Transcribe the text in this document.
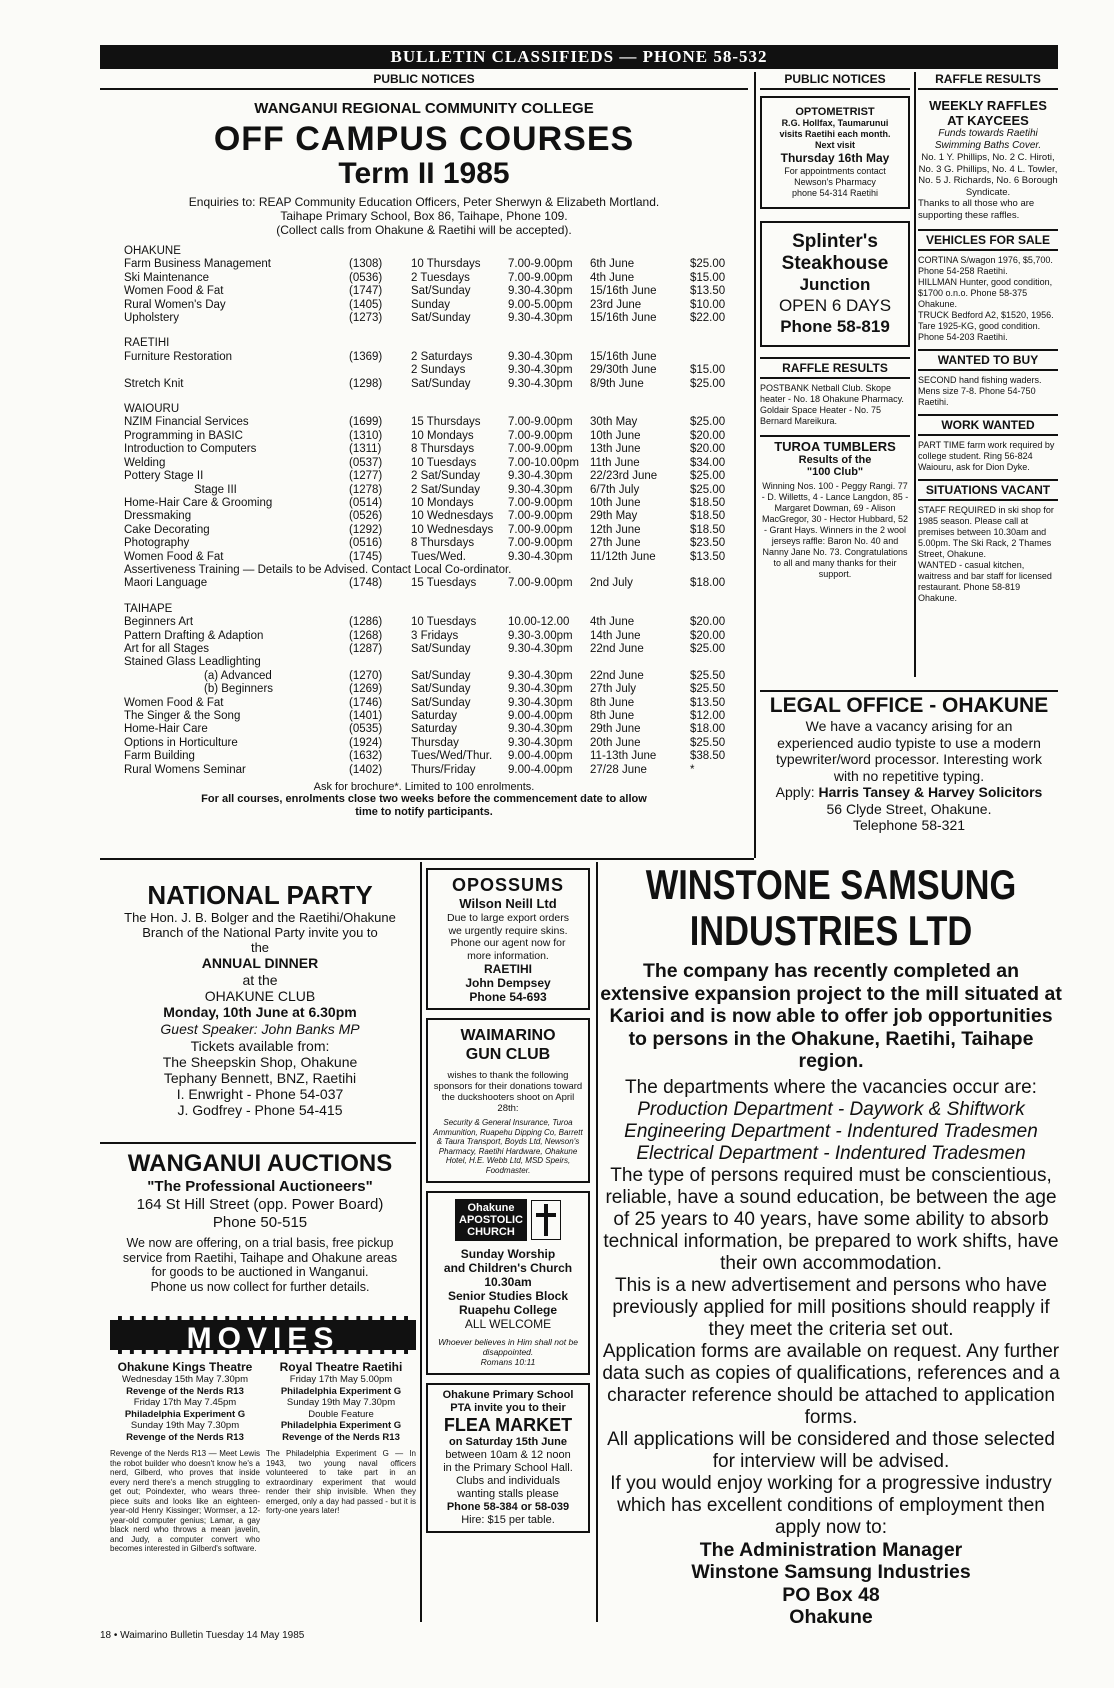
BULLETIN CLASSIFIEDS — PHONE 58-532
PUBLIC NOTICES
WANGANUI REGIONAL COMMUNITY COLLEGE
OFF CAMPUS COURSES
Term II 1985
Enquiries to: REAP Community Education Officers, Peter Sherwyn & Elizabeth Mortland.
Taihape Primary School, Box 86, Taihape, Phone 109.
(Collect calls from Ohakune & Raetihi will be accepted).
OHAKUNE
Farm Business Management	(1308)	10 Thursdays	7.00-9.00pm	6th June	$25.00
Ski Maintenance	(0536)	2 Tuesdays	7.00-9.00pm	4th June	$15.00
Women Food & Fat	(1747)	Sat/Sunday	9.30-4.30pm	15/16th June	$13.50
Rural Women's Day	(1405)	Sunday	9.00-5.00pm	23rd June	$10.00
Upholstery	(1273)	Sat/Sunday	9.30-4.30pm	15/16th June	$22.00
RAETIHI
Furniture Restoration	(1369)	2 Saturdays	9.30-4.30pm	15/16th June
2 Sundays	9.30-4.30pm	29/30th June	$15.00
Stretch Knit	(1298)	Sat/Sunday	9.30-4.30pm	8/9th June	$25.00
WAIOURU
NZIM Financial Services	(1699)	15 Thursdays	7.00-9.00pm	30th May	$25.00
Programming in BASIC	(1310)	10 Mondays	7.00-9.00pm	10th June	$20.00
Introduction to Computers	(1311)	8 Thursdays	7.00-9.00pm	13th June	$20.00
Welding	(0537)	10 Tuesdays	7.00-10.00pm 11th June	$34.00
Pottery Stage II	(1277)	2 Sat/Sunday	9.30-4.30pm	22/23rd June	$25.00
Stage III	(1278)	2 Sat/Sunday	9.30-4.30pm	6/7th July	$25.00
Home-Hair Care & Grooming	(0514)	10 Mondays	7.00-9.00pm	10th June	$18.50
Dressmaking	(0526)	10 Wednesdays	7.00-9.00pm	29th May	$18.50
Cake Decorating	(1292)	10 Wednesdays	7.00-9.00pm	12th June	$18.50
Photography	(0516)	8 Thursdays	7.00-9.00pm	27th June	$23.50
Women Food & Fat	(1745)	Tues/Wed.	9.30-4.30pm	11/12th June	$13.50
Assertiveness Training — Details to be Advised. Contact Local Co-ordinator.
Maori Language	(1748)	15 Tuesdays	7.00-9.00pm	2nd July	$18.00
TAIHAPE
Beginners Art	(1286)	10 Tuesdays	10.00-12.00	4th June	$20.00
Pattern Drafting & Adaption	(1268)	3 Fridays	9.30-3.00pm	14th June	$20.00
Art for all Stages	(1287)	Sat/Sunday	9.30-4.30pm	22nd June	$25.00
Stained Glass Leadlighting
(a) Advanced	(1270)	Sat/Sunday	9.30-4.30pm	22nd June	$25.50
(b) Beginners	(1269)	Sat/Sunday	9.30-4.30pm	27th July	$25.50
Women Food & Fat	(1746)	Sat/Sunday	9.30-4.30pm	8th June	$13.50
The Singer & the Song	(1401)	Saturday	9.00-4.00pm	8th June	$12.00
Home-Hair Care	(0535)	Saturday	9.30-4.30pm	29th June	$18.00
Options in Horticulture	(1924)	Thursday	9.30-4.30pm	20th June	$25.50
Farm Building	(1632)	Tues/Wed/Thur.	9.00-4.00pm	11-13th June	$38.50
Rural Womens Seminar	(1402)	Thurs/Friday	9.00-4.00pm	27/28 June	*
Ask for brochure*. Limited to 100 enrolments.
For all courses, enrolments close two weeks before the commencement date to allow time to notify participants.
PUBLIC NOTICES
OPTOMETRIST
R.G. Hollfax, Taumarunui
visits Raetihi each month.
Next visit
Thursday 16th May
For appointments contact
Newson's Pharmacy
phone 54-314 Raetihi
Splinter's
Steakhouse
Junction
OPEN 6 DAYS
Phone 58-819
RAFFLE RESULTS
POSTBANK Netball Club. Skope heater - No. 18 Ohakune Pharmacy. Goldair Space Heater - No. 75 Bernard Mareikura.
TUROA TUMBLERS
Results of the
"100 Club"
Winning Nos. 100 - Peggy Rangi. 77 - D. Willetts, 4 - Lance Langdon, 85 - Margaret Dowman, 69 - Alison MacGregor, 30 - Hector Hubbard, 52 - Grant Hays. Winners in the 2 wool jerseys raffle: Baron No. 40 and Nanny Jane No. 73. Congratulations to all and many thanks for their support.
RAFFLE RESULTS
WEEKLY RAFFLES
AT KAYCEES
Funds towards Raetihi Swimming Baths Cover.
No. 1 Y. Phillips, No. 2 C. Hiroti, No. 3 G. Phillips, No. 4 L. Towler, No. 5 J. Richards, No. 6 Borough Syndicate.
Thanks to all those who are supporting these raffles.
VEHICLES FOR SALE
CORTINA S/wagon 1976, $5,700. Phone 54-258 Raetihi.
HILLMAN Hunter, good condition, $1700 o.n.o. Phone 58-375 Ohakune.
TRUCK Bedford A2, $1520, 1956. Tare 1925-KG, good condition. Phone 54-203 Raetihi.
WANTED TO BUY
SECOND hand fishing waders. Mens size 7-8. Phone 54-750 Raetihi.
WORK WANTED
PART TIME farm work required by college student. Ring 56-824 Waiouru, ask for Dion Dyke.
SITUATIONS VACANT
STAFF REQUIRED in ski shop for 1985 season. Please call at premises between 10.30am and 5.00pm. The Ski Rack, 2 Thames Street, Ohakune.
WANTED - casual kitchen, waitress and bar staff for licensed restaurant. Phone 58-819 Ohakune.
LEGAL OFFICE - OHAKUNE
We have a vacancy arising for an
experienced audio typiste to use a modern
typewriter/word processor. Interesting work
with no repetitive typing.
Apply: Harris Tansey & Harvey Solicitors
56 Clyde Street, Ohakune.
Telephone 58-321
NATIONAL PARTY
The Hon. J. B. Bolger and the Raetihi/Ohakune
Branch of the National Party invite you to
the
ANNUAL DINNER
at the
OHAKUNE CLUB
Monday, 10th June at 6.30pm
Guest Speaker: John Banks MP
Tickets available from:
The Sheepskin Shop, Ohakune
Tephany Bennett, BNZ, Raetihi
I. Enwright - Phone 54-037
J. Godfrey - Phone 54-415
WANGANUI AUCTIONS
"The Professional Auctioneers"
164 St Hill Street (opp. Power Board)
Phone 50-515
We now are offering, on a trial basis, free pickup
service from Raetihi, Taihape and Ohakune areas
for goods to be auctioned in Wanganui.
Phone us now collect for further details.
MOVIES
Ohakune Kings Theatre
Wednesday 15th May 7.30pm
Revenge of the Nerds R13
Friday 17th May 7.45pm
Philadelphia Experiment G
Sunday 19th May 7.30pm
Revenge of the Nerds R13
Revenge of the Nerds R13 — Meet Lewis the robot builder who doesn't know he's a nerd, Gilberd, who proves that inside every nerd there's a mench struggling to get out; Poindexter, who wears three-piece suits and looks like an eighteen-year-old Henry Kissinger; Wormser, a 12-year-old computer genius; Lamar, a gay black nerd who throws a mean javelin, and Judy, a computer convert who becomes interested in Gilberd's software.
Royal Theatre Raetihi
Friday 17th May 5.00pm
Philadelphia Experiment G
Sunday 19th May 7.30pm
Double Feature
Philadelphia Experiment G
Revenge of the Nerds R13
The Philadelphia Experiment G — In 1943, two young naval officers volunteered to take part in an extraordinary experiment that would render their ship invisible. When they emerged, only a day had passed - but it is forty-one years later!
OPOSSUMS
Wilson Neill Ltd
Due to large export orders
we urgently require skins.
Phone our agent now for
more information.
RAETIHI
John Dempsey
Phone 54-693
WAIMARINO
GUN CLUB
wishes to thank the following sponsors for their donations toward the duckshooters shoot on April 28th:
Security & General Insurance, Turoa Ammunition, Ruapehu Dipping Co, Barrett & Taura Transport, Boyds Ltd, Newson's Pharmacy, Raetihi Hardware, Ohakune Hotel, H.E. Webb Ltd, MSD Speirs, Foodmaster.
Ohakune
APOSTOLIC
CHURCH
Sunday Worship
and Children's Church
10.30am
Senior Studies Block
Ruapehu College
ALL WELCOME
Whoever believes in Him shall not be disappointed.
Romans 10:11
Ohakune Primary School
PTA invite you to their
FLEA MARKET
on Saturday 15th June
between 10am & 12 noon
in the Primary School Hall.
Clubs and individuals
wanting stalls please
Phone 58-384 or 58-039
Hire: $15 per table.
WINSTONE SAMSUNG
INDUSTRIES LTD

The company has recently completed an extensive expansion project to the mill situated at Karioi and is now able to offer job opportunities to persons in the Ohakune, Raetihi, Taihape region.

The departments where the vacancies occur are:

Production Department - Daywork & Shiftwork

Engineering Department - Indentured Tradesmen

Electrical Department - Indentured Tradesmen

The type of persons required must be conscientious, reliable, have a sound education, be between the age of 25 years to 40 years, have some ability to absorb technical information, be prepared to work shifts, have their own accommodation.

This is a new advertisement and persons who have previously applied for mill positions should reapply if they meet the criteria set out.

Application forms are available on request. Any further data such as copies of qualifications, references and a character reference should be attached to application forms.

All applications will be considered and those selected for interview will be advised.

If you would enjoy working for a progressive industry which has excellent conditions of employment then apply now to:

The Administration Manager

Winstone Samsung Industries

PO Box 48

Ohakune

18 • Waimarino Bulletin Tuesday 14 May 1985
